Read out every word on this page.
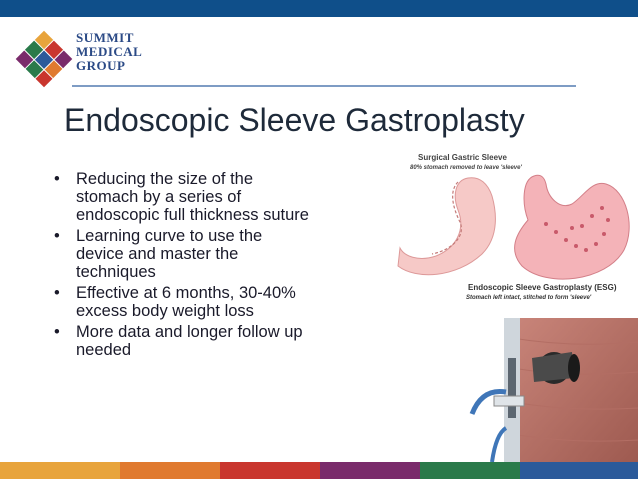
SUMMIT
MEDICAL
GROUP
Endoscopic Sleeve Gastroplasty
• Reducing the size of the stomach by a series of endoscopic full thickness suture
• Learning curve to use the device and master the techniques
• Effective at 6 months, 30-40% excess body weight loss
• More data and longer follow up needed
Surgical Gastric Sleeve
80% stomach removed to leave 'sleeve'
Endoscopic Sleeve Gastroplasty (ESG)
Stomach left intact, stitched to form 'sleeve'
